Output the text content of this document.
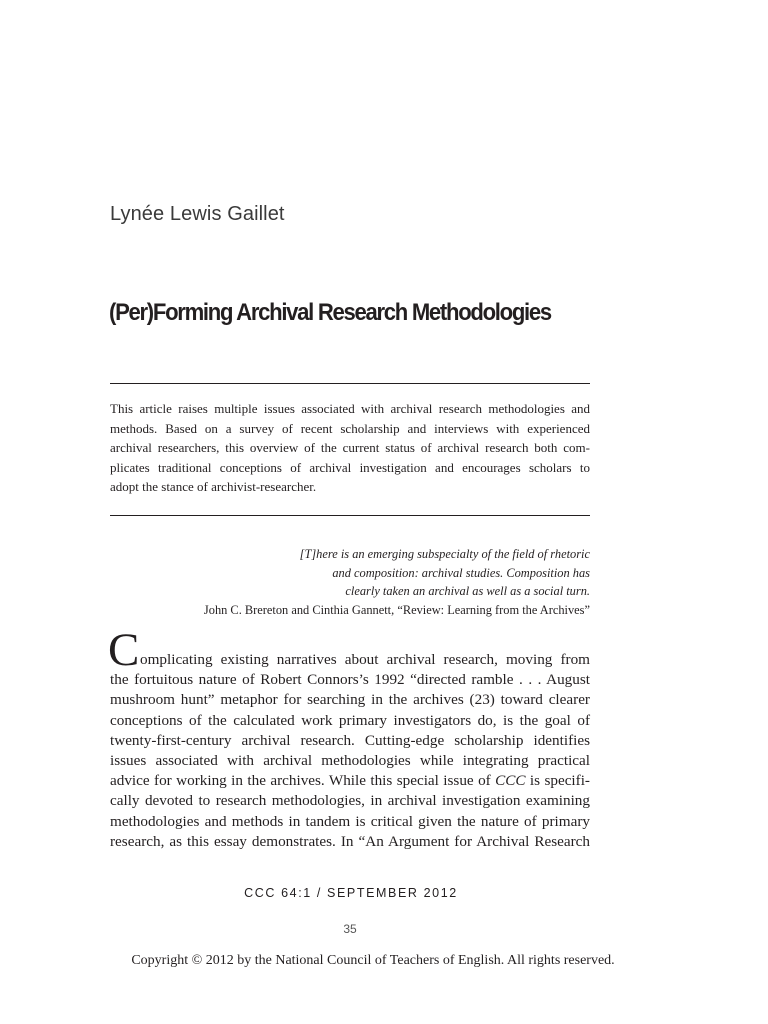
Lynée Lewis Gaillet
(Per)Forming Archival Research Methodologies
This article raises multiple issues associated with archival research methodologies and
methods. Based on a survey of recent scholarship and interviews with experienced
archival researchers, this overview of the current status of archival research both com-
plicates traditional conceptions of archival investigation and encourages scholars to
adopt the stance of archivist-researcher.
[T]here is an emerging subspecialty of the field of rhetoric
and composition: archival studies. Composition has
clearly taken an archival as well as a social turn.
John C. Brereton and Cinthia Gannett, “Review: Learning from the Archives”
C omplicating existing narratives about archival research, moving from
the fortuitous nature of Robert Connors’s 1992 “directed ramble . . . August
mushroom hunt” metaphor for searching in the archives (23) toward clearer
conceptions of the calculated work primary investigators do, is the goal of
twenty-first-century archival research. Cutting-edge scholarship identifies
issues associated with archival methodologies while integrating practical
advice for working in the archives. While this special issue of CCC is specifi-
cally devoted to research methodologies, in archival investigation examining
methodologies and methods in tandem is critical given the nature of primary
research, as this essay demonstrates. In “An Argument for Archival Research
CCC 64:1 / SEPTEMBER 2012
35
Copyright © 2012 by the National Council of Teachers of English. All rights reserved.
